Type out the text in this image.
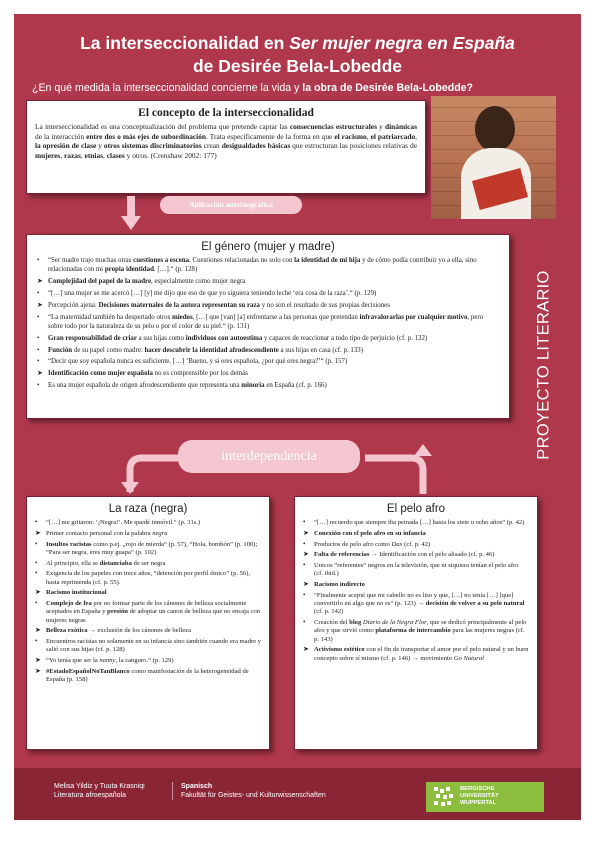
La interseccionalidad en Ser mujer negra en España
de Desirée Bela-Lobedde
¿En qué medida la interseccionalidad concierne la vida y la obra de Desirée Bela-Lobedde?
El concepto de la interseccionalidad

La interseccionalidad es una conceptualización del problema que pretende captar las consecuencias estructurales y dinámicas de la interacción entre dos o más ejes de subordinación. Trata específicamente de la forma en que el racismo, el patriarcado, la opresión de clase y otros sistemas discriminatorios crean desigualdades básicas que estructuran las posiciones relativas de mujeres, razas, etnias, clases y otros. (Crenshaw 2002: 177)

Aplicación autobiográfica
El género (mujer y madre)
• “Ser madre trajo muchas otras cuestiones a escena. Cuestiones relacionadas no solo con la identidad de mi hija y de cómo podía contribuir yo a ella, sino relacionadas con mi propia identidad. […].“ (p. 128)
➤ Complejidad del papel de la madre, especialmente como mujer negra
• “[…] una mujer se me acercó […] [y] me dijo que eso de que yo siguiera teniendo leche ‘era cosa de la raza’.“ (p. 129)
➤ Percepción ajena: Decisiones maternales de la autora representan su raza y no son el resultado de sus propias decisiones
• “La maternidad también ha despertado otros miedos, […] que [van] [a] enfrentarse a las personas que pretendan infravalorarlas por cualquier motivo, pero sobre todo por la naturaleza de su pelo o por el color de su piel.“ (p. 131)
• Gran responsabilidad de criar a sus hijas como individuos con autoestima y capaces de reaccionar a todo tipo de perjuicio (cf. p. 132)
• Función de su papel como madre: hacer descubrir la identidad afrodescendiente a sus hijas en casa (cf. p. 133)
• “Decir que soy española nunca es suficiente. […] ‘Bueno, y si eres española, ¿por qué eres negra?’“ (p. 157)
➤ Identificación como mujer española no es comprensible por los demás
• Es una mujer española de origen afrodescendiente que representa una minoría en España (cf. p. 166)	PROYECTO LITERARIO
interdependencia
La raza (negra)
• “[…] me gritaron: ‘¡Negra!’. Me quedé inmóvil.“ (p. 31s.)
➤ Primer contacto personal con la palabra negra
• Insultos racistas como p.ej. „rojo de mierda“ (p. 57), “Hola, bombón” (p. 100); “Para ser negra, eres muy guapa“ (p. 102)
• Al principio, ella se distanciaba de ser negra
• Exigencia de los papeles con trece años, “detención por perfil étnico” (p. 56), hasta reprimenda (cf. p. 55).
➤ Racismo institucional
• Complejo de fea por no formar parte de los cánones de belleza socialmente aceptados en España y presión de adoptar un canon de belleza que no encaja con mujeres negras
➤ Belleza exótica → exclusión de los cánones de belleza
• Encuentros racistas no solamente en su infancia sino también cuando era madre y salió con sus hijas (cf. p. 128)
➤ “Yo tenía que ser la nanny, la canguro.“ (p. 129)
➤ #EstadoEspañolNoTanBlanco como manifestación de la heterogeneidad de España (p. 158)
El pelo afro
• “[…] recuerdo que siempre iba peinada […] hasta los siete u ocho años“ (p. 42)
➤ Conexión con el pelo afro en su infancia
• Productos de pelo afro como Dax (cf. p. 42)
➤ Falta de referencias → Identificación con el pelo alisado (cf. p. 46)
• Unicos “referentes“ negros en la televisión, que ni siquiera tenían el pelo afro (cf. ibid.)
➤ Racismo indirecto
• “Finalmente acepté que mi cabello no es liso y que, […] no tenía […] [que] convertirlo en algo que no es“ (p. 123) → decisión de volver a su pelo natural (cf. p. 142)
• Creación del blog Diario de la Negra Flor, que se dedicó principalmente al pelo afro y que sirvió como plataforma de intercambio para las mujeres negras (cf. p. 143)
➤ Activismo estético con el fin de transportar el amor por el pelo natural y un buen concepto sobre sí mismo (cf. p. 146) → movimiento Go Natural
Melisa Yildiz y Tuuta Krasniqi
Literatura afroespañola
Spanisch
Fakultät für Geistes- und Kulturwissenschaften
BERGISCHE
UNIVERSITÄT
WUPPERTAL
